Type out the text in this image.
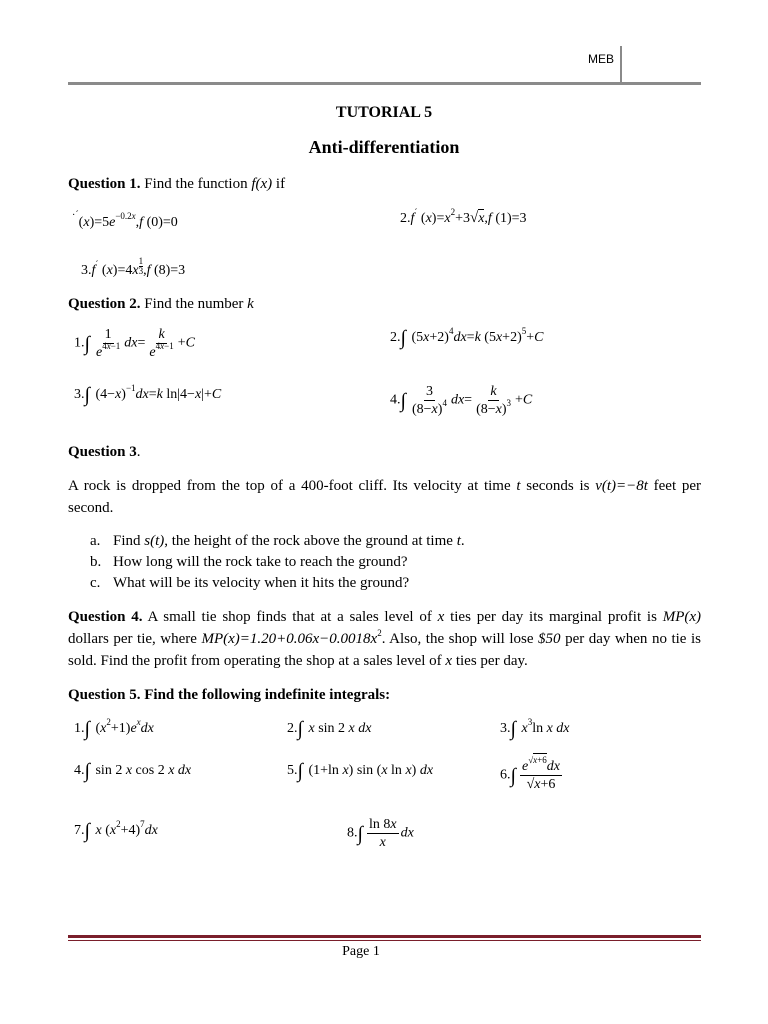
MEB
TUTORIAL 5
Anti-differentiation
Question 1. Find the function f(x) if
$^{\cdot´}(x)=5e^{-0.2x},f$ (0)=0	2.f´ $(x)=x^2+3√x,f$ (1)=3
3.f´ $(x)=4x \frac{1}{3} ,f$ (8)=3
Question 2. Find the number k
$1.\int \frac{1}{e^{4x-1}} dx= \frac{k}{e^{4x-1}} +C$	2.∫ $(5x+2)^4dx=k$ $(5x+2)^5+C$
3.∫ $(4-x)^{-1}dx=k$ ln|4−x|+C	$4.\int \frac{3}{(8-x)^4} dx= \frac{k}{(8-x)^3} +C$
Question 3.
A rock is dropped from the top of a 400-foot cliff. Its velocity at time t seconds is v(t)=−8t feet per second.
a. Find s(t), the height of the rock above the ground at time t.
b. How long will the rock take to reach the ground?
c. What will be its velocity when it hits the ground?
Question 4. A small tie shop finds that at a sales level of x ties per day its marginal profit is MP(x) dollars per tie, where $MP(x)=1.20+0.06x-0.0018x^2$. Also, the shop will lose $50 per day when no tie is sold. Find the profit from operating the shop at a sales level of x ties per day.
Question 5. Find the following indefinite integrals:
1.∫ $(x^2+1)e^xdx$	2.∫ x sin 2 x dx	3.∫ $x^3\ln$ x dx
4.∫ sin 2 x cos 2 x dx	5.∫ (1+ln x) sin (x ln x) dx	$6.\int \frac{e^{√x+6}dx}{√x+6}$
7.∫ x $(x^2+4)^7dx$	$8.\int \frac{\ln 8x}{x}$ dx
Page 1
